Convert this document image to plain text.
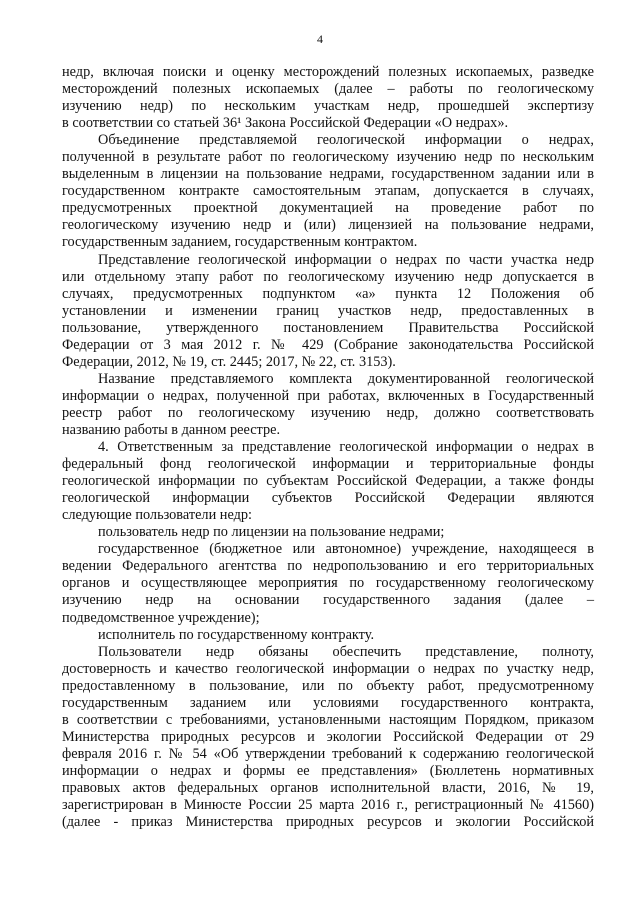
4
недр, включая поиски и оценку месторождений полезных ископаемых, разведке
месторождений полезных ископаемых (далее – работы по геологическому
изучению недр) по нескольким участкам недр, прошедшей экспертизу
в соответствии со статьей 36¹ Закона Российской Федерации «О недрах».
Объединение представляемой геологической информации о недрах,
полученной в результате работ по геологическому изучению недр по нескольким
выделенным в лицензии на пользование недрами, государственном задании или в
государственном контракте самостоятельным этапам, допускается в случаях,
предусмотренных проектной документацией на проведение работ по
геологическому изучению недр и (или) лицензией на пользование недрами,
государственным заданием, государственным контрактом.
Представление геологической информации о недрах по части участка недр
или отдельному этапу работ по геологическому изучению недр допускается в
случаях, предусмотренных подпунктом «а» пункта 12 Положения об
установлении и изменении границ участков недр, предоставленных в
пользование, утвержденного постановлением Правительства Российской
Федерации от 3 мая 2012 г. № 429 (Собрание законодательства Российской
Федерации, 2012, № 19, ст. 2445; 2017, № 22, ст. 3153).
Название представляемого комплекта документированной геологической
информации о недрах, полученной при работах, включенных в Государственный
реестр работ по геологическому изучению недр, должно соответствовать
названию работы в данном реестре.
4. Ответственным за представление геологической информации о недрах в
федеральный фонд геологической информации и территориальные фонды
геологической информации по субъектам Российской Федерации, а также фонды
геологической информации субъектов Российской Федерации являются
следующие пользователи недр:
пользователь недр по лицензии на пользование недрами;
государственное (бюджетное или автономное) учреждение, находящееся в
ведении Федерального агентства по недропользованию и его территориальных
органов и осуществляющее мероприятия по государственному геологическому
изучению недр на основании государственного задания (далее –
подведомственное учреждение);
исполнитель по государственному контракту.
Пользователи недр обязаны обеспечить представление, полноту,
достоверность и качество геологической информации о недрах по участку недр,
предоставленному в пользование, или по объекту работ, предусмотренному
государственным заданием или условиями государственного контракта,
в соответствии с требованиями, установленными настоящим Порядком, приказом
Министерства природных ресурсов и экологии Российской Федерации от 29
февраля 2016 г. № 54 «Об утверждении требований к содержанию геологической
информации о недрах и формы ее представления» (Бюллетень нормативных
правовых актов федеральных органов исполнительной власти, 2016, № 19,
зарегистрирован в Минюсте России 25 марта 2016 г., регистрационный № 41560)
(далее - приказ Министерства природных ресурсов и экологии Российской
